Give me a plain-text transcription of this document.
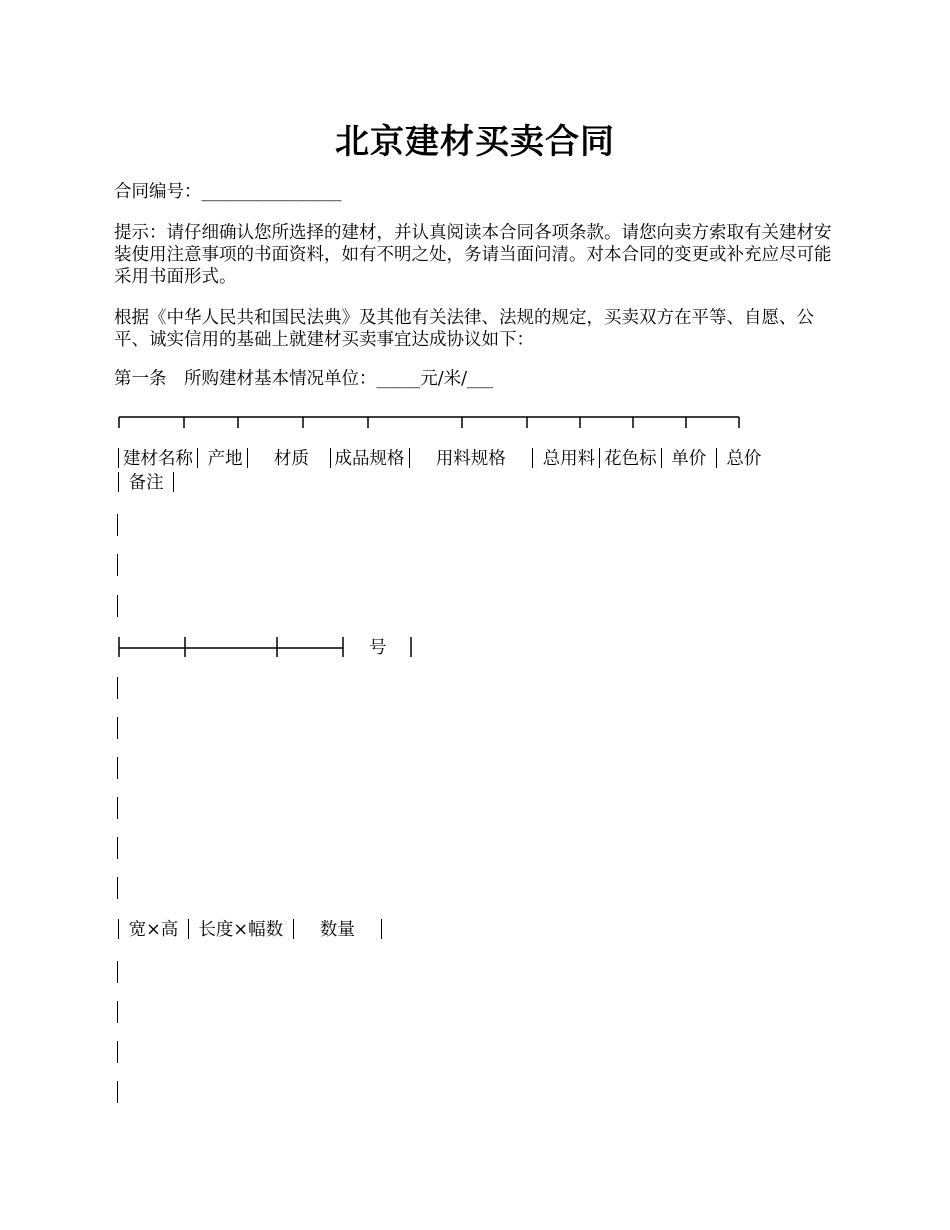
北京建材买卖合同

合同编号：________________

提示：请仔细确认您所选择的建材，并认真阅读本合同各项条款。请您向卖方索取有关建材安装使用注意事项的书面资料，如有不明之处，务请当面问清。对本合同的变更或补充应尽可能采用书面形式。

根据《中华人民共和国民法典》及其他有关法律、法规的规定，买卖双方在平等、自愿、公平、诚实信用的基础上就建材买卖事宜达成协议如下：

第一条　所购建材基本情况单位：_____元/米/___

建材名称 产地 材质 成品规格 用料规格 总用料 花色标 单价 总价
备注
号
宽×高 长度×幅数 数量
